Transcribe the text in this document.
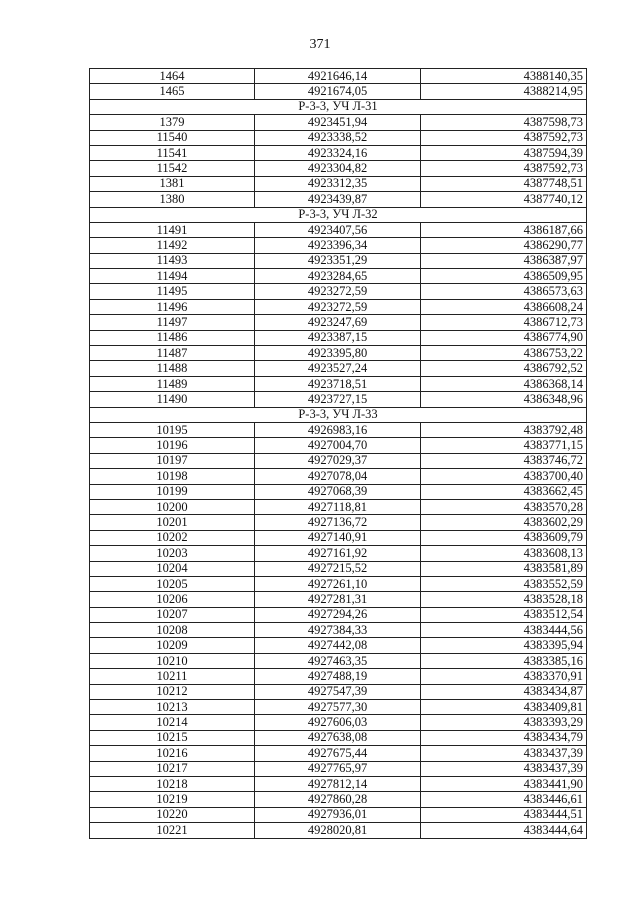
371
1464	4921646,14	4388140,35
1465	4921674,05	4388214,95
Р-3-3, УЧ Л-31		
1379	4923451,94	4387598,73
11540	4923338,52	4387592,73
11541	4923324,16	4387594,39
11542	4923304,82	4387592,73
1381	4923312,35	4387748,51
1380	4923439,87	4387740,12
Р-3-3, УЧ Л-32		
11491	4923407,56	4386187,66
11492	4923396,34	4386290,77
11493	4923351,29	4386387,97
11494	4923284,65	4386509,95
11495	4923272,59	4386573,63
11496	4923272,59	4386608,24
11497	4923247,69	4386712,73
11486	4923387,15	4386774,90
11487	4923395,80	4386753,22
11488	4923527,24	4386792,52
11489	4923718,51	4386368,14
11490	4923727,15	4386348,96
Р-3-3, УЧ Л-33		
10195	4926983,16	4383792,48
10196	4927004,70	4383771,15
10197	4927029,37	4383746,72
10198	4927078,04	4383700,40
10199	4927068,39	4383662,45
10200	4927118,81	4383570,28
10201	4927136,72	4383602,29
10202	4927140,91	4383609,79
10203	4927161,92	4383608,13
10204	4927215,52	4383581,89
10205	4927261,10	4383552,59
10206	4927281,31	4383528,18
10207	4927294,26	4383512,54
10208	4927384,33	4383444,56
10209	4927442,08	4383395,94
10210	4927463,35	4383385,16
10211	4927488,19	4383370,91
10212	4927547,39	4383434,87
10213	4927577,30	4383409,81
10214	4927606,03	4383393,29
10215	4927638,08	4383434,79
10216	4927675,44	4383437,39
10217	4927765,97	4383437,39
10218	4927812,14	4383441,90
10219	4927860,28	4383446,61
10220	4927936,01	4383444,51
10221	4928020,81	4383444,64
